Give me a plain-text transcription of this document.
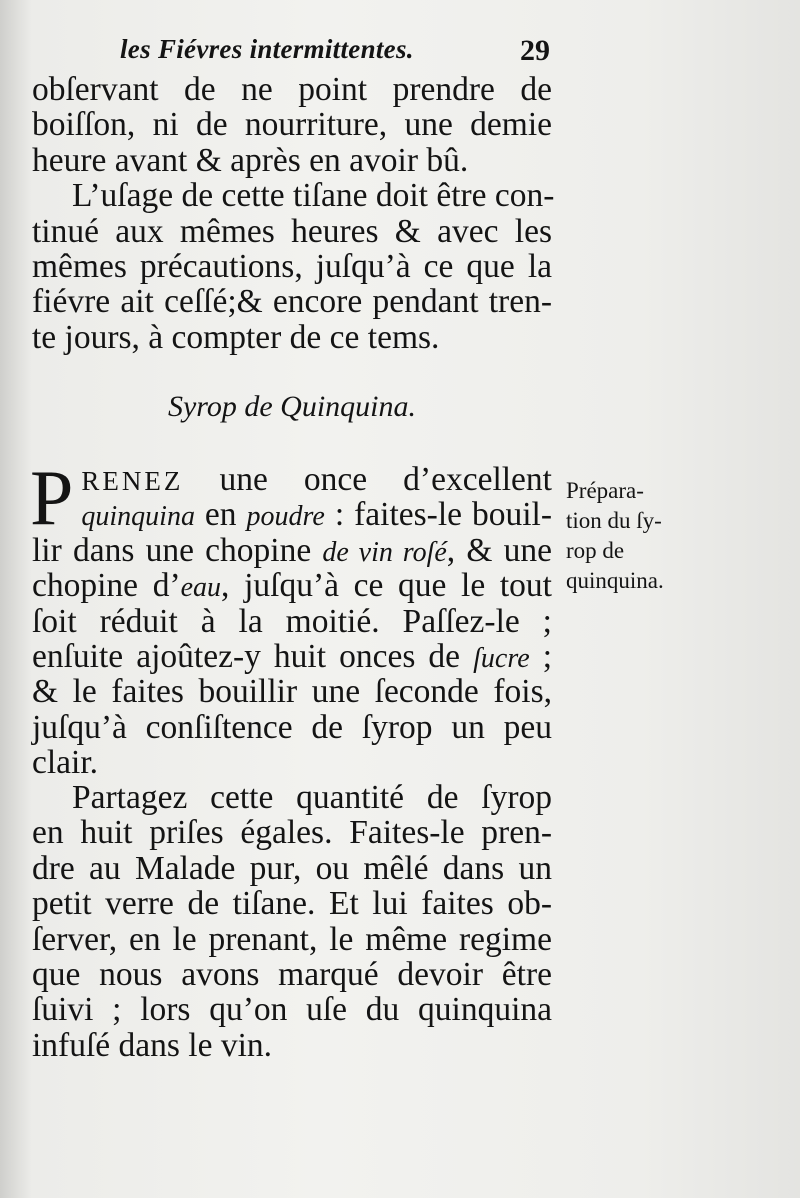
les Fiévres intermittentes.	29
obſervant de ne point prendre de
boiſſon, ni de nourriture, une demie
heure avant & après en avoir bû.
L’uſage de cette tiſane doit être con-
tinué aux mêmes heures & avec les
mêmes précautions, juſqu’à ce que la
fiévre ait ceſſé;& encore pendant tren-
te jours, à compter de ce tems.
Syrop de Quinquina.
P RENEZ une once d’excellent
quinquina en poudre : faites-le bouil-
lir dans une chopine de vin roſé, & une
chopine d’eau, juſqu’à ce que le tout
ſoit réduit à la moitié. Paſſez-le ;
enſuite ajoûtez-y huit onces de ſucre ;
& le faites bouillir une ſeconde fois,
juſqu’à conſiſtence de ſyrop un peu
clair.
Partagez cette quantité de ſyrop
en huit priſes égales. Faites-le pren-
dre au Malade pur, ou mêlé dans un
petit verre de tiſane. Et lui faites ob-
ſerver, en le prenant, le même regime
que nous avons marqué devoir être
ſuivi ; lors qu’on uſe du quinquina
infuſé dans le vin.
Prépara-
tion du ſy-
rop de
quinquina.
